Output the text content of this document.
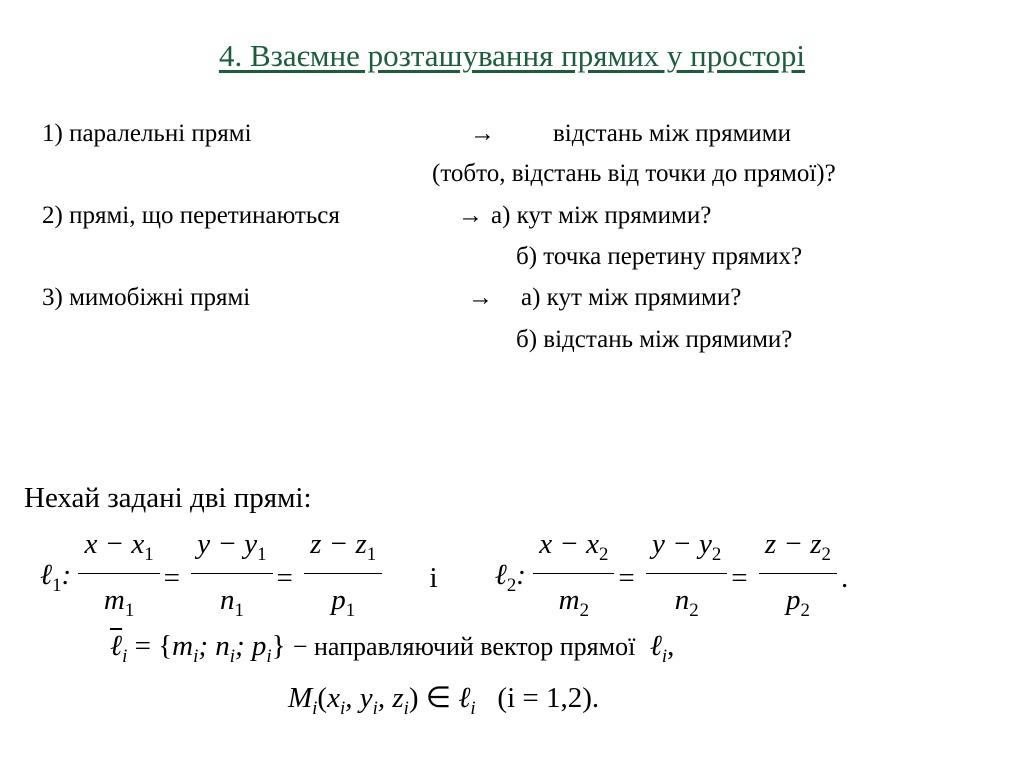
4. Взаємне розташування прямих у просторі
1) паралельні прямі	→ відстань між прямими
(тобто, відстань від точки до прямої)?
2) прямі, що перетинаються	→ а) кут між прямими?
б) точка перетину прямих?
3) мимобіжні прямі	→ а) кут між прямими?
б) відстань між прямими?
Нехай задані дві прямі:
ℓ$_1$: $\frac{x - x_1}{m_1} = \frac{y - y_1}{n_1} = \frac{z - z_1}{p_1}$ і ℓ$_2$: $\frac{x - x_2}{m_2} = \frac{y - y_2}{n_2} = \frac{z - z_2}{p_2}$ .
ℓ$_i$ = {$m_i$; $n_i$; $p_i$} − направляючий вектор прямої  ℓ$_i$,
$M_i(x_i$, $y_i$, $z_i$) ∈ ℓ$_i$ (i = 1,2).
